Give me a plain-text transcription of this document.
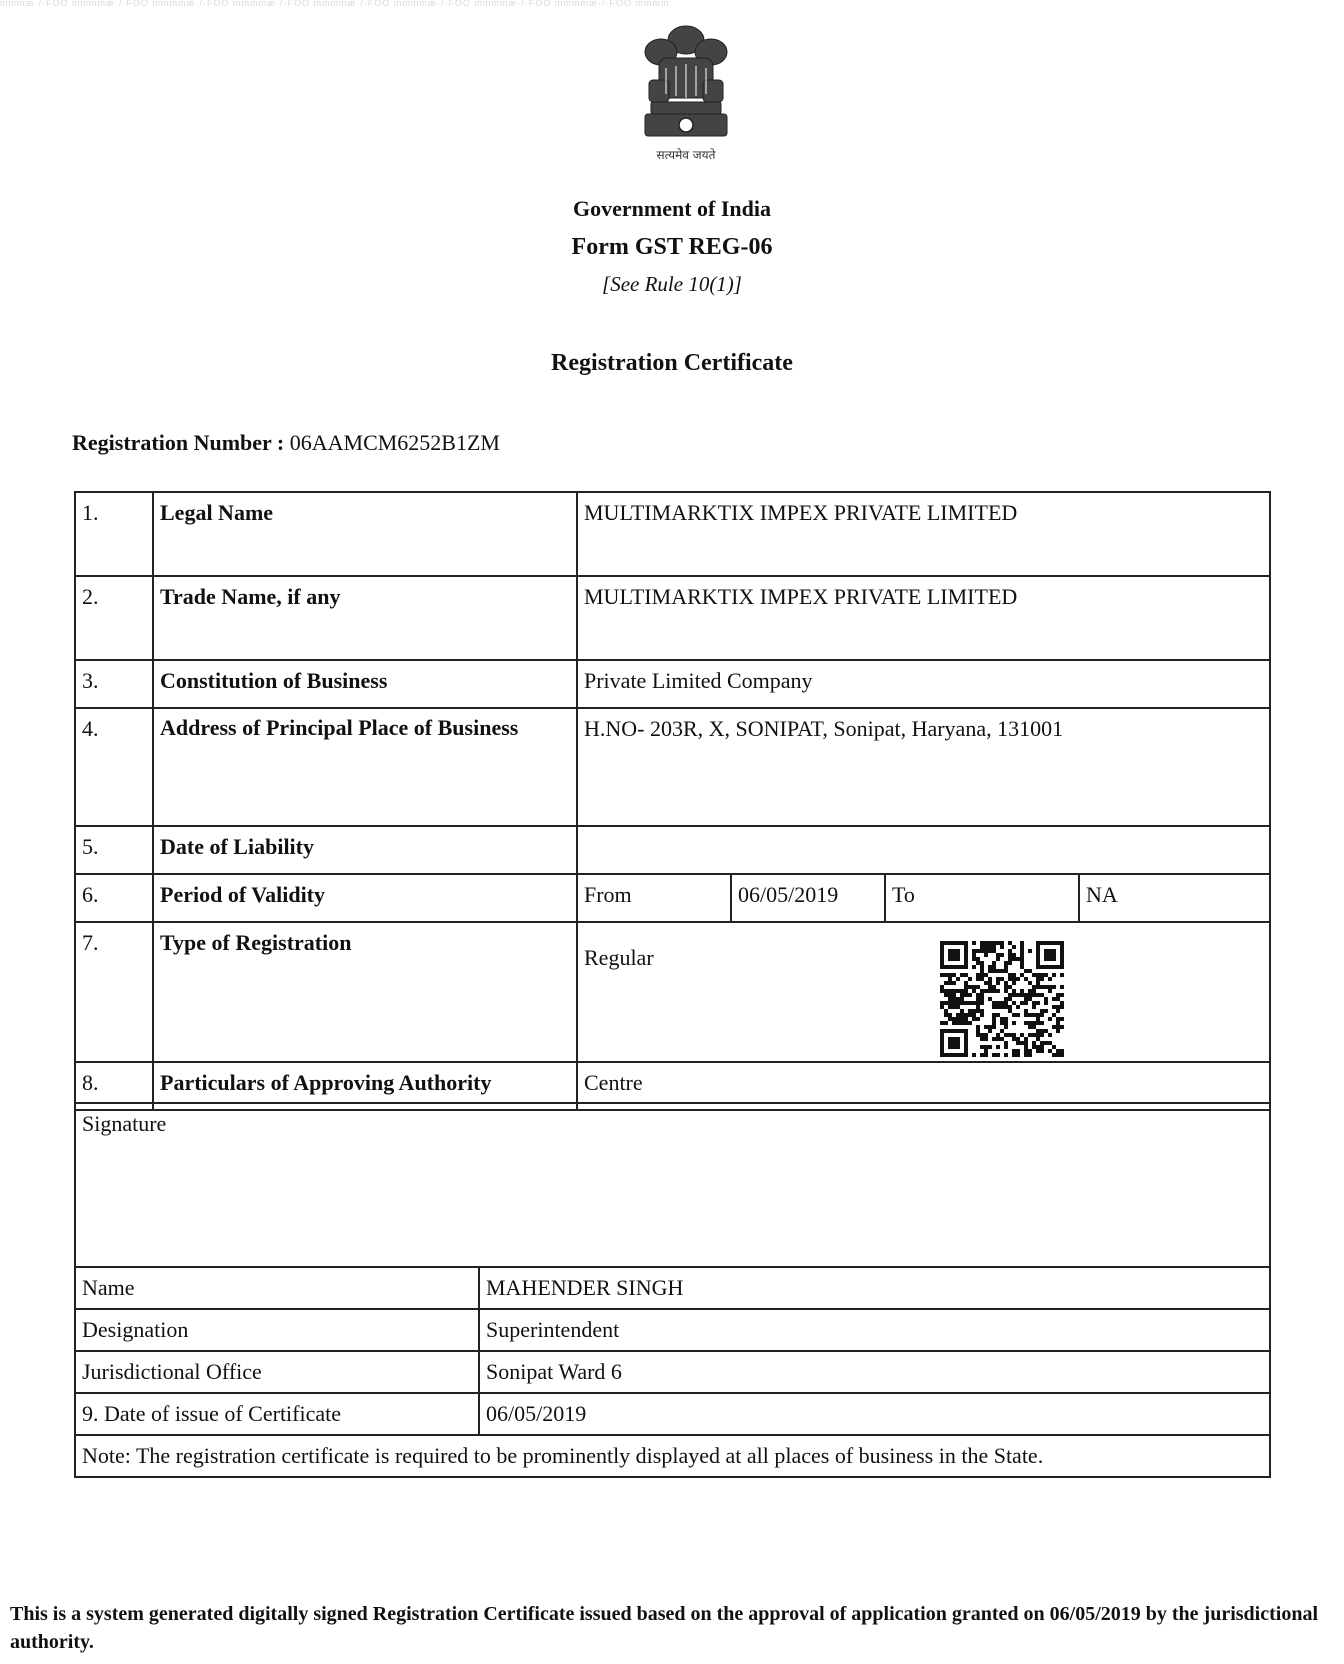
mmmæ·/·FOO mmmmæ·/·FOO mmmmæ·/·FOO mmmmæ·/·FOO mmmmæ·/·FOO mmmmæ·/·FOO mmmmæ·/·FOO mmmmæ·/·FOO mmmm
सत्यमेव जयते
Government of India
Form GST REG-06
[See Rule 10(1)]
Registration Certificate
Registration Number : 06AAMCM6252B1ZM
1.	Legal Name	MULTIMARKTIX IMPEX PRIVATE LIMITED			
2.	Trade Name, if any	MULTIMARKTIX IMPEX PRIVATE LIMITED			
3.	Constitution of Business	Private Limited Company			
4.	Address of Principal Place of Business	H.NO- 203R, X, SONIPAT, Sonipat, Haryana, 131001			
5.	Date of Liability				
6.	Period of Validity	From	06/05/2019	To	NA
7.	Type of Registration	Regular			

8.	Particulars of Approving Authority	Centre			
Signature	
Name	MAHENDER SINGH
Designation	Superintendent
Jurisdictional Office	Sonipat Ward 6
9. Date of issue of Certificate	06/05/2019
Note: The registration certificate is required to be prominently displayed at all places of business in the State.	
This is a system generated digitally signed Registration Certificate issued based on the approval of application granted on 06/05/2019 by the jurisdictional authority.
